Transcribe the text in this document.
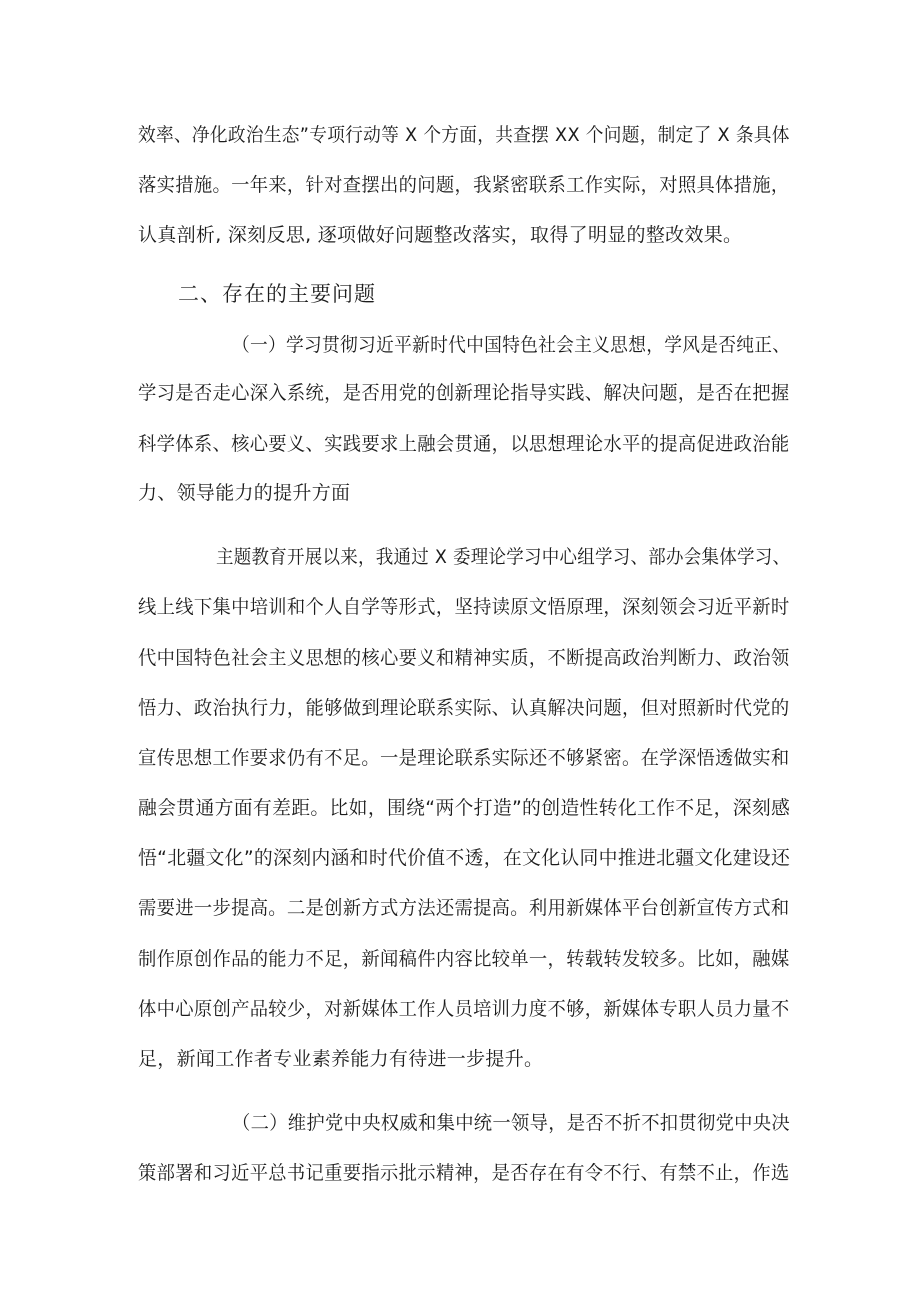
效率、净化政治生态”专项行动等 X 个方面，共查摆 XX 个问题，制定了 X 条具体

落实措施。一年来，针对查摆出的问题，我紧密联系工作实际，对照具体措施，

认真剖析, 深刻反思, 逐项做好问题整改落实，取得了明显的整改效果。

二、存在的主要问题

（一）学习贯彻习近平新时代中国特色社会主义思想，学风是否纯正、

学习是否走心深入系统，是否用党的创新理论指导实践、解决问题，是否在把握

科学体系、核心要义、实践要求上融会贯通，以思想理论水平的提高促进政治能

力、领导能力的提升方面

主题教育开展以来，我通过 X 委理论学习中心组学习、部办会集体学习、

线上线下集中培训和个人自学等形式，坚持读原文悟原理，深刻领会习近平新时

代中国特色社会主义思想的核心要义和精神实质，不断提高政治判断力、政治领

悟力、政治执行力，能够做到理论联系实际、认真解决问题，但对照新时代党的

宣传思想工作要求仍有不足。一是理论联系实际还不够紧密。在学深悟透做实和

融会贯通方面有差距。比如，围绕“两个打造”的创造性转化工作不足，深刻感

悟“北疆文化”的深刻内涵和时代价值不透，在文化认同中推进北疆文化建设还

需要进一步提高。二是创新方式方法还需提高。利用新媒体平台创新宣传方式和

制作原创作品的能力不足，新闻稿件内容比较单一，转载转发较多。比如，融媒

体中心原创产品较少，对新媒体工作人员培训力度不够，新媒体专职人员力量不

足，新闻工作者专业素养能力有待进一步提升。

（二）维护党中央权威和集中统一领导，是否不折不扣贯彻党中央决

策部署和习近平总书记重要指示批示精神，是否存在有令不行、有禁不止，作选
